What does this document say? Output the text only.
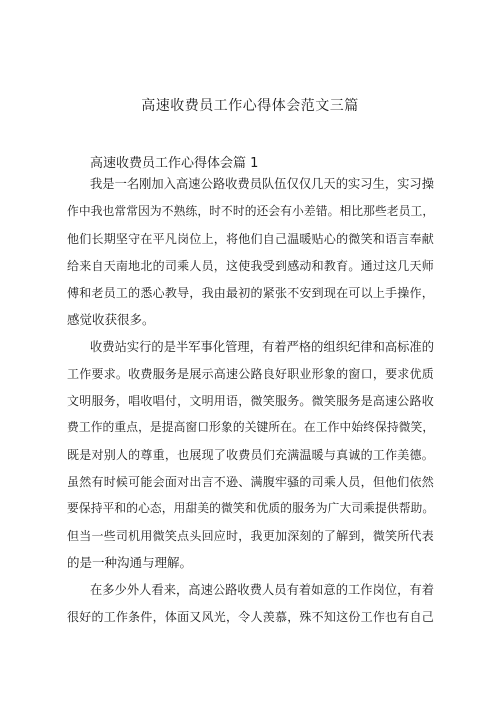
高速收费员工作心得体会范文三篇
高速收费员工作心得体会篇 1

我是一名刚加入高速公路收费员队伍仅仅几天的实习生，实习操

作中我也常常因为不熟练，时不时的还会有小差错。相比那些老员工，

他们长期坚守在平凡岗位上，将他们自己温暖贴心的微笑和语言奉献

给来自天南地北的司乘人员，这使我受到感动和教育。通过这几天师

傅和老员工的悉心教导，我由最初的紧张不安到现在可以上手操作，

感觉收获很多。

收费站实行的是半军事化管理，有着严格的组织纪律和高标准的

工作要求。收费服务是展示高速公路良好职业形象的窗口，要求优质

文明服务，唱收唱付，文明用语，微笑服务。微笑服务是高速公路收

费工作的重点，是提高窗口形象的关键所在。在工作中始终保持微笑，

既是对别人的尊重，也展现了收费员们充满温暖与真诚的工作美德。

虽然有时候可能会面对出言不逊、满腹牢骚的司乘人员，但他们依然

要保持平和的心态，用甜美的微笑和优质的服务为广大司乘提供帮助。

但当一些司机用微笑点头回应时，我更加深刻的了解到，微笑所代表

的是一种沟通与理解。

在多少外人看来，高速公路收费人员有着如意的工作岗位，有着

很好的工作条件，体面又风光，令人羡慕，殊不知这份工作也有自己
